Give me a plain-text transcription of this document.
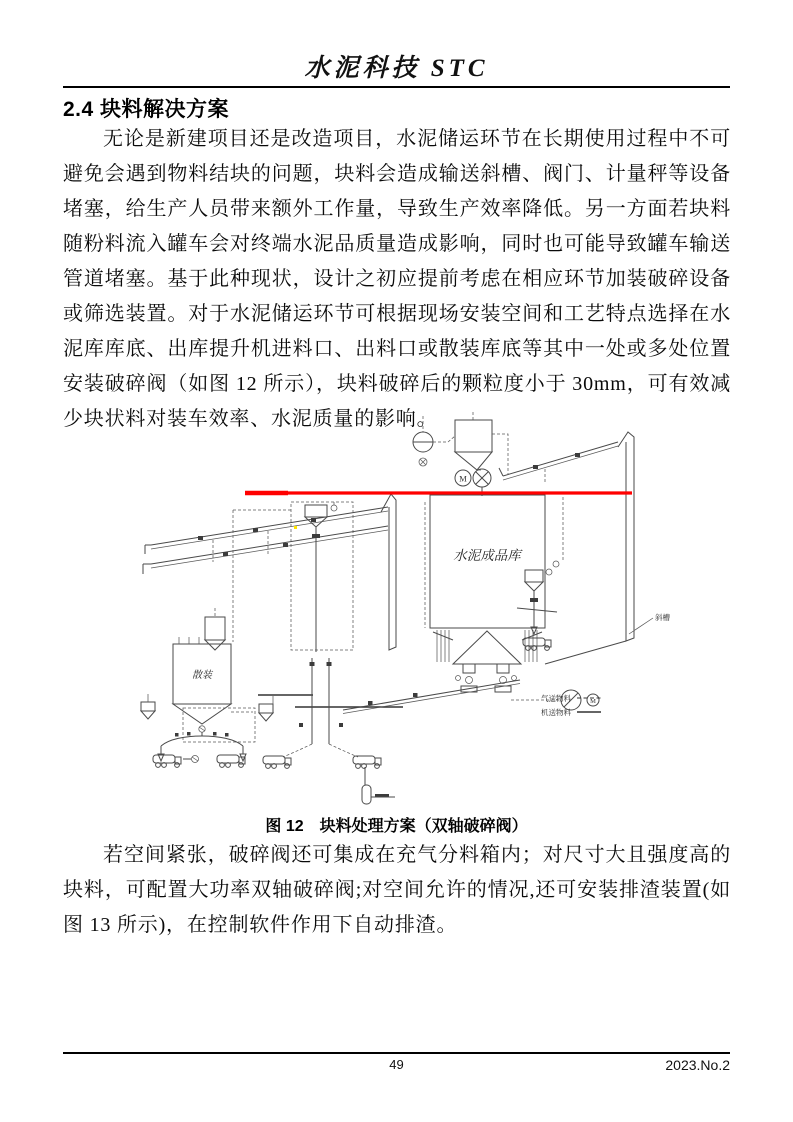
水泥科技 STC
2.4 块料解决方案
无论是新建项目还是改造项目，水泥储运环节在长期使用过程中不可避免会遇到物料结块的问题，块料会造成输送斜槽、阀门、计量秤等设备堵塞，给生产人员带来额外工作量，导致生产效率降低。另一方面若块料随粉料流入罐车会对终端水泥品质量造成影响，同时也可能导致罐车输送管道堵塞。基于此种现状，设计之初应提前考虑在相应环节加装破碎设备或筛选装置。对于水泥储运环节可根据现场安装空间和工艺特点选择在水泥库库底、出库提升机进料口、出料口或散装库底等其中一处或多处位置安装破碎阀（如图 12 所示），块料破碎后的颗粒度小于 30mm，可有效减少块状料对装车效率、水泥质量的影响。
散装
M
水泥成品库
M
斜槽
气送物料
机送物料
图 12　块料处理方案（双轴破碎阀）
若空间紧张，破碎阀还可集成在充气分料箱内；对尺寸大且强度高的块料，可配置大功率双轴破碎阀;对空间允许的情况,还可安装排渣装置(如图 13 所示)，在控制软件作用下自动排渣。
49	2023.No.2
